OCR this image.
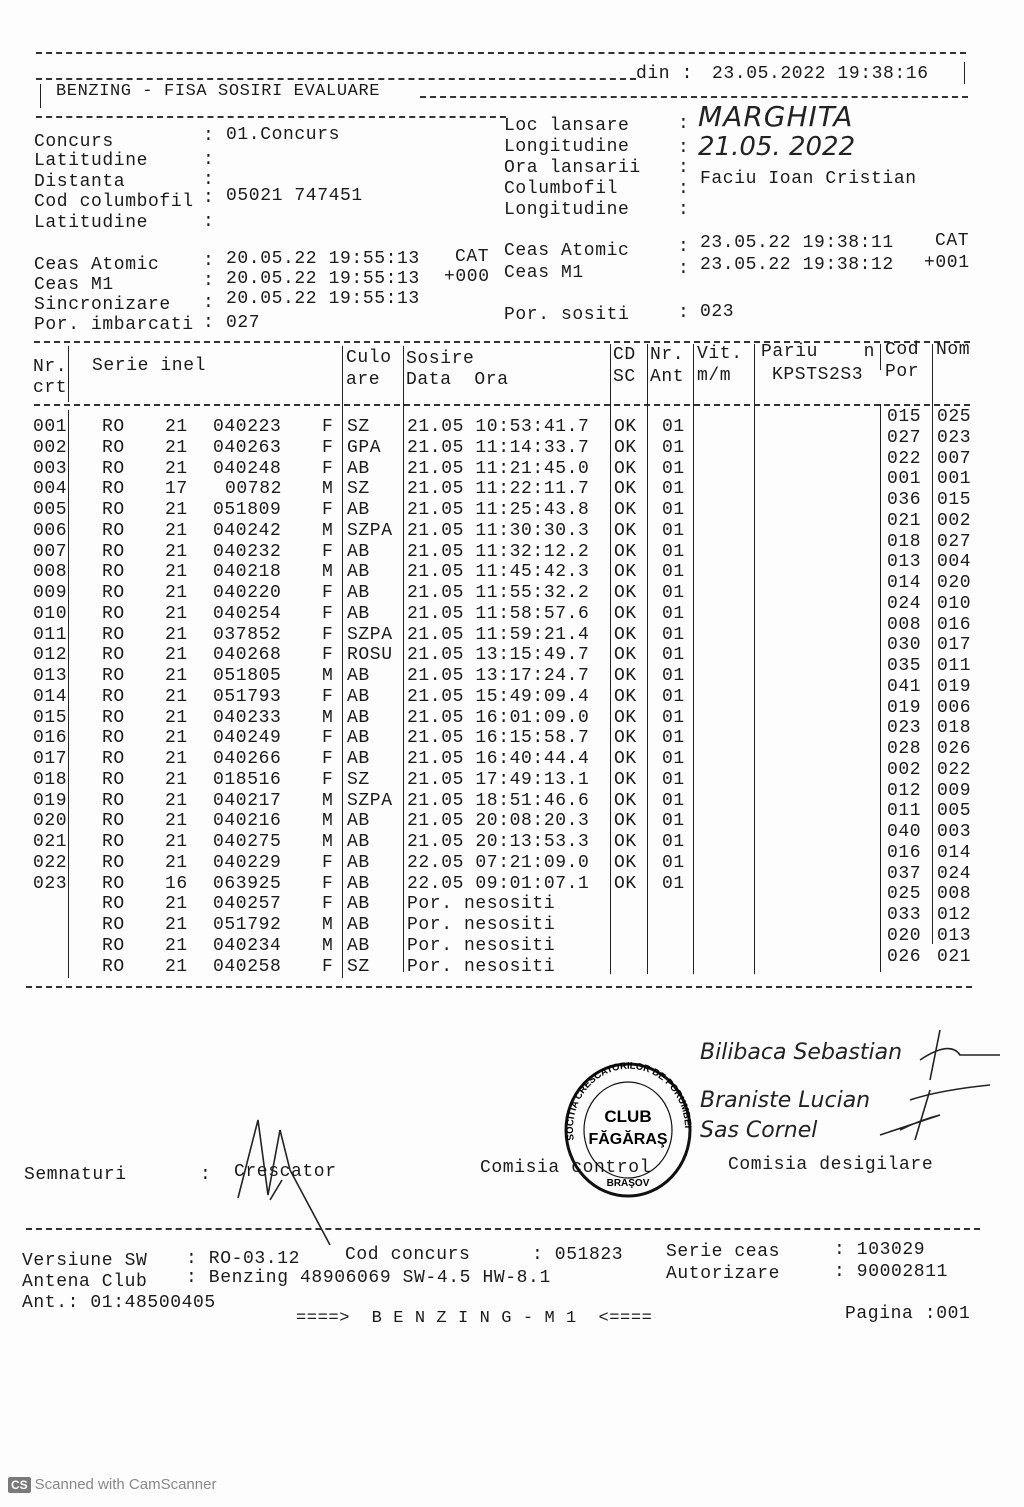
din : 23.05.2022 19:38:16
BENZING - FISA SOSIRI EVALUARE
Concurs	: 01.Concurs
Latitudine	:
Distanta	:
Cod columbofil : 05021 747451
Latitudine	:
Loc lansare	: MARGHITA
Longitudine	: 21.05. 2022
Ora lansarii :
Columbofil	: Faciu Ioan Cristian
Longitudine	:
Ceas Atomic : 20.05.22 19:55:13 CAT
Ceas M1	: 20.05.22 19:55:13 +000
Sincronizare : 20.05.22 19:55:13
Por. imbarcati : 027
Ceas Atomic	: 23.05.22 19:38:11 CAT
Ceas M1	: 23.05.22 19:38:12 +001
Por. sositi	: 023
Nr.
crt
Serie inel	Culo
are
Sosire
Data  Ora
CD
SC
Nr.
Ant
Vit.
m/m
Pariu    n
KPSTS2S3
Cod
Por
Nom
001 RO 21 040223 F SZ 21.05 10:53:41.7 OK 01	015 025
002 RO 21 040263 F GPA 21.05 11:14:33.7 OK 01	027 023
003 RO 21 040248 F AB 21.05 11:21:45.0 OK 01	022 007
004 RO 17 00782 M SZ 21.05 11:22:11.7 OK 01	001 001
005 RO 21 051809 F AB 21.05 11:25:43.8 OK 01	036 015
006 RO 21 040242 M SZPA 21.05 11:30:30.3 OK 01	021 002
007 RO 21 040232 F AB 21.05 11:32:12.2 OK 01	018 027
008 RO 21 040218 M AB 21.05 11:45:42.3 OK 01	013 004
009 RO 21 040220 F AB 21.05 11:55:32.2 OK 01	014 020
010 RO 21 040254 F AB 21.05 11:58:57.6 OK 01	024 010
011 RO 21 037852 F SZPA 21.05 11:59:21.4 OK 01	008 016
012 RO 21 040268 F ROSU 21.05 13:15:49.7 OK 01	030 017
013 RO 21 051805 M AB 21.05 13:17:24.7 OK 01	035 011
014 RO 21 051793 F AB 21.05 15:49:09.4 OK 01	041 019
015 RO 21 040233 M AB 21.05 16:01:09.0 OK 01	019 006
016 RO 21 040249 F AB 21.05 16:15:58.7 OK 01	023 018
017 RO 21 040266 F AB 21.05 16:40:44.4 OK 01	028 026
018 RO 21 018516 F SZ 21.05 17:49:13.1 OK 01	002 022
019 RO 21 040217 M SZPA 21.05 18:51:46.6 OK 01	012 009
020 RO 21 040216 M AB 21.05 20:08:20.3 OK 01	011 005
021 RO 21 040275 M AB 21.05 20:13:53.3 OK 01	040 003
022 RO 21 040229 F AB 22.05 07:21:09.0 OK 01	016 014
023 RO 16 063925 F AB 22.05 09:01:07.1 OK 01	037 024
RO 21 040257 F AB Por. nesositi	025 008
RO 21 051792 M AB Por. nesositi	033 012
RO 21 040234 M AB Por. nesositi	020 013
RO 21 040258 F SZ Por. nesositi	026 021
Semnaturi	: Crescator	Comisia control	Comisia desigilare
CLUB
FĂGĂRAŞ
BRAŞOV
SOCITIA CRESCATORILOR DE PORUMBEI
Bilibacа Sebastian
Braniste Lucian
Sas Cornel
Versiune SW : RO-03.12 Cod concurs	: 051823 Serie ceas	: 103029
Antena Club : Benzing 48906069 SW-4.5 HW-8.1	Autorizare	: 90002811
Ant.: 01:48500405
====>  B E N Z I N G - M 1  <====	Pagina :001
CS Scanned with CamScanner
